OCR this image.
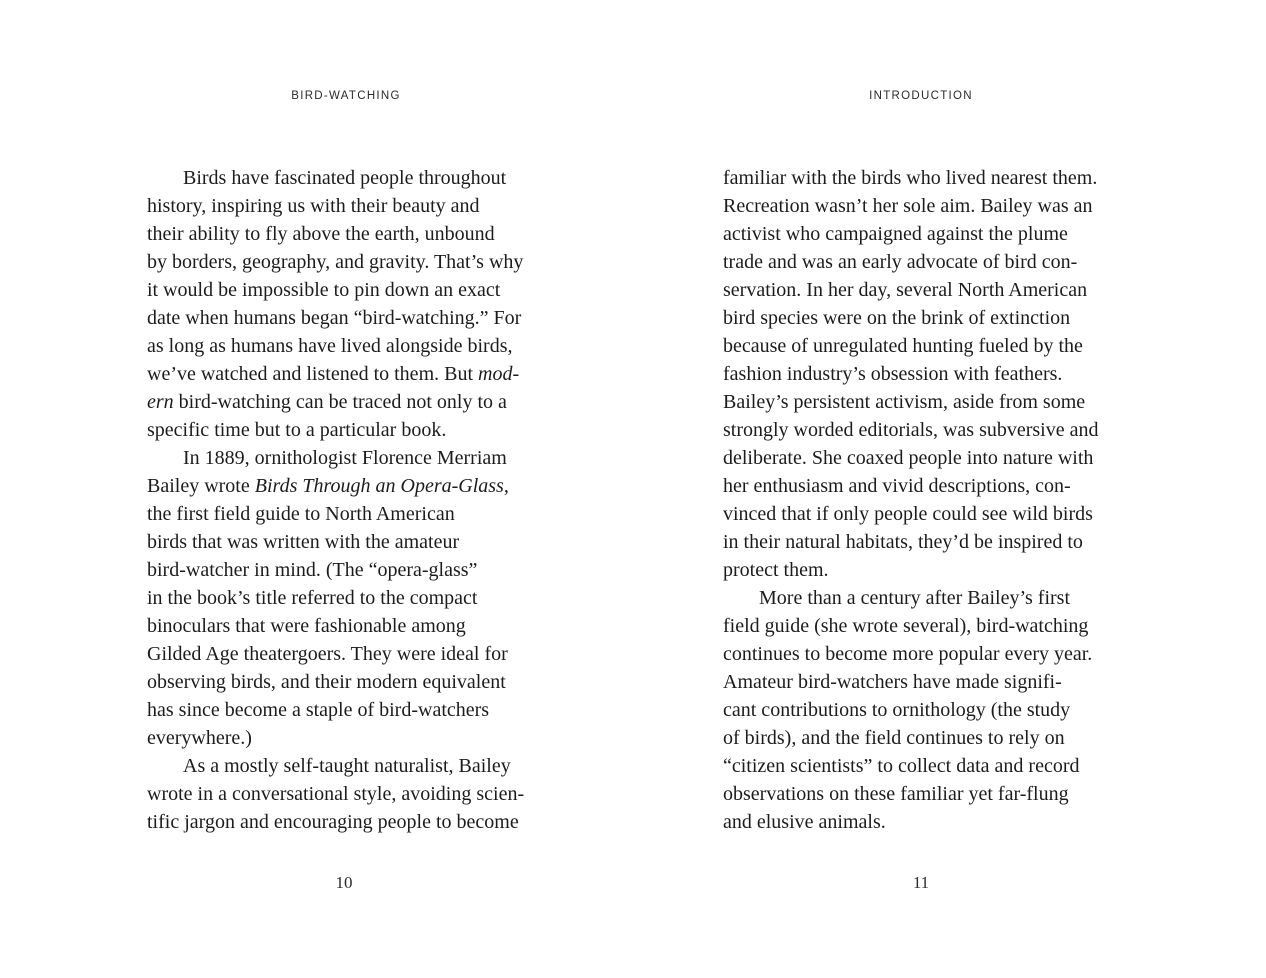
BIRD-WATCHING
Birds have fascinated people throughout
history, inspiring us with their beauty and
their ability to fly above the earth, unbound
by borders, geography, and gravity. That’s why
it would be impossible to pin down an exact
date when humans began “bird-watching.” For
as long as humans have lived alongside birds,
we’ve watched and listened to them. But mod-
ern bird-watching can be traced not only to a
specific time but to a particular book.
In 1889, ornithologist Florence Merriam
Bailey wrote Birds Through an Opera-Glass,
the first field guide to North American
birds that was written with the amateur
bird-watcher in mind. (The “opera-glass”
in the book’s title referred to the compact
binoculars that were fashionable among
Gilded Age theatergoers. They were ideal for
observing birds, and their modern equivalent
has since become a staple of bird-watchers
everywhere.)
As a mostly self-taught naturalist, Bailey
wrote in a conversational style, avoiding scien-
tific jargon and encouraging people to become
10
INTRODUCTION
familiar with the birds who lived nearest them.
Recreation wasn’t her sole aim. Bailey was an
activist who campaigned against the plume
trade and was an early advocate of bird con-
servation. In her day, several North American
bird species were on the brink of extinction
because of unregulated hunting fueled by the
fashion industry’s obsession with feathers.
Bailey’s persistent activism, aside from some
strongly worded editorials, was subversive and
deliberate. She coaxed people into nature with
her enthusiasm and vivid descriptions, con-
vinced that if only people could see wild birds
in their natural habitats, they’d be inspired to
protect them.
More than a century after Bailey’s first
field guide (she wrote several), bird-watching
continues to become more popular every year.
Amateur bird-watchers have made signifi-
cant contributions to ornithology (the study
of birds), and the field continues to rely on
“citizen scientists” to collect data and record
observations on these familiar yet far-flung
and elusive animals.
11
